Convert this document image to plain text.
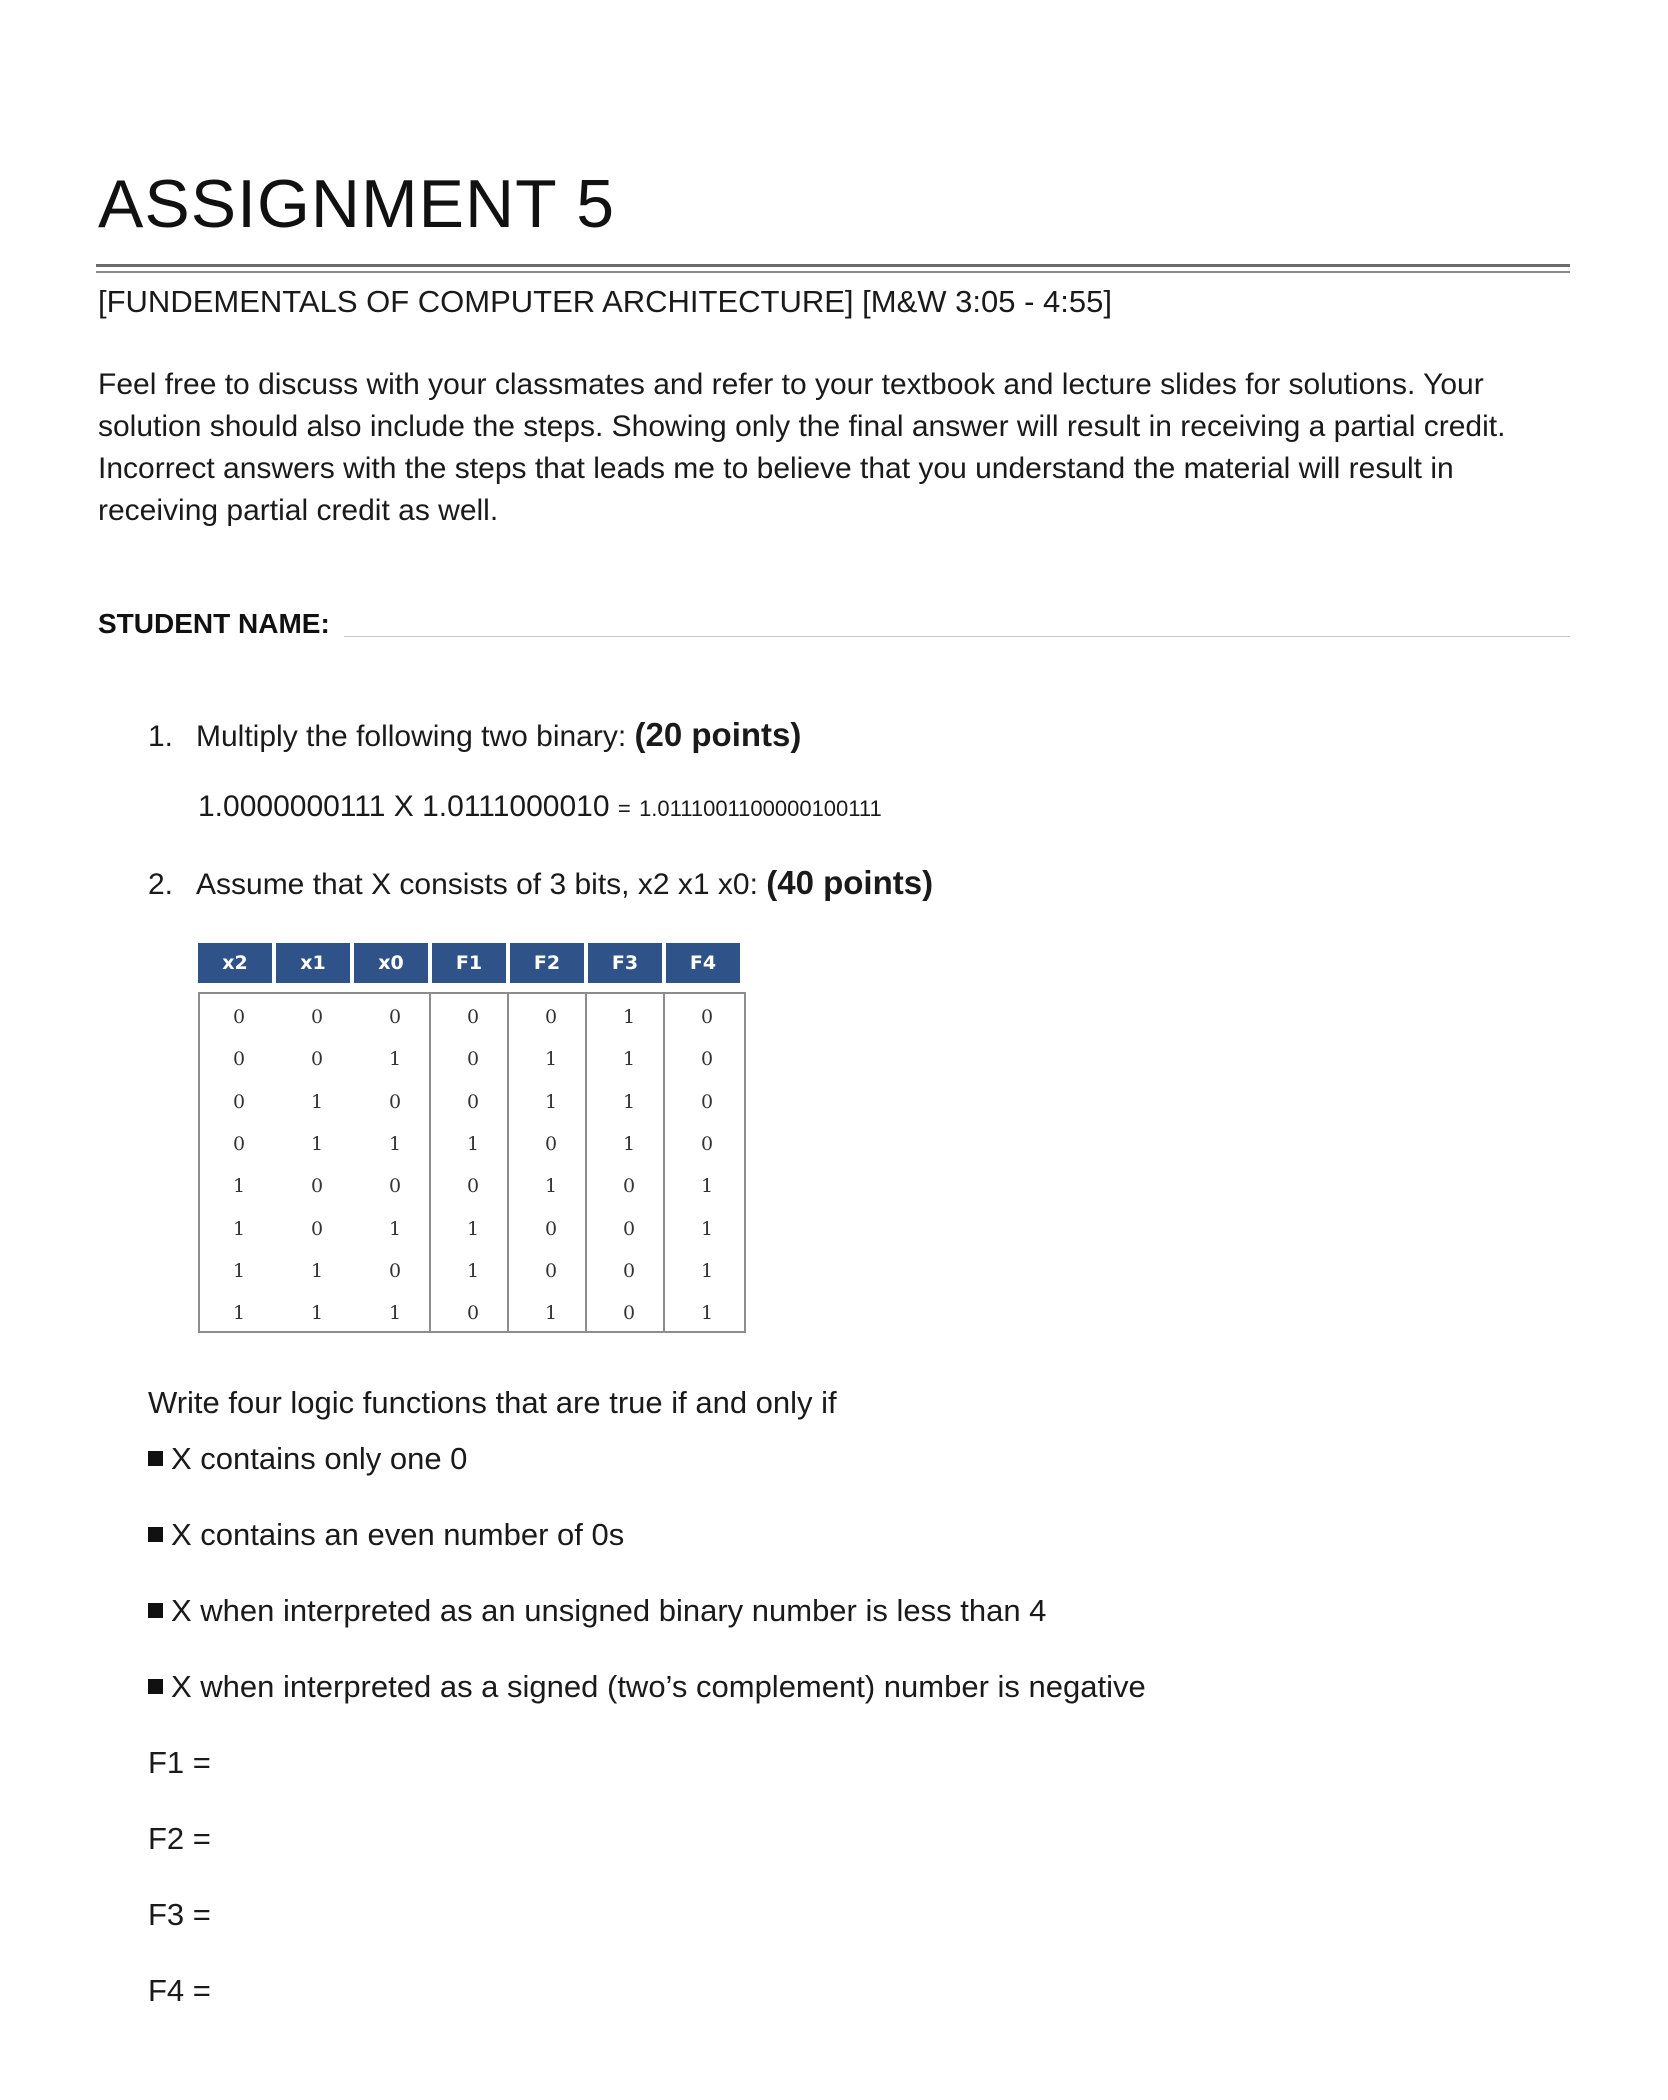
ASSIGNMENT 5
[FUNDEMENTALS OF COMPUTER ARCHITECTURE] [M&W 3:05 - 4:55]
Feel free to discuss with your classmates and refer to your textbook and lecture slides for solutions. Your
solution should also include the steps. Showing only the final answer will result in receiving a partial credit.
Incorrect answers with the steps that leads me to believe that you understand the material will result in
receiving partial credit as well.
STUDENT NAME:
1. Multiply the following two binary: (20 points)
1.0000000111 X 1.0111000010 = 1.0111001100000100111
2. Assume that X consists of 3 bits, x2 x1 x0: (40 points)
x2	x1	x0	F1	F2	F3	F4
0	0	0	0	0	1	0
0	0	1	0	1	1	0
0	1	0	0	1	1	0
0	1	1	1	0	1	0
1	0	0	0	1	0	1
1	0	1	1	0	0	1
1	1	0	1	0	0	1
1	1	1	0	1	0	1
Write four logic functions that are true if and only if
X contains only one 0
X contains an even number of 0s
X when interpreted as an unsigned binary number is less than 4
X when interpreted as a signed (two’s complement) number is negative
F1 =
F2 =
F3 =
F4 =
